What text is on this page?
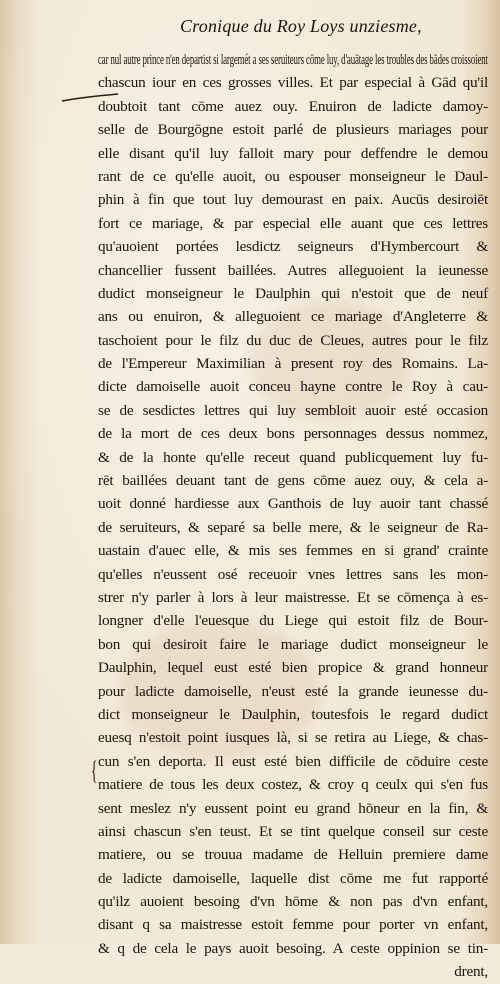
Cronique du Roy Loys unziesme,
car nul autre prince n'en departist si largemét a ses seruiteurs cōme luy, d'auātage les troubles des bādes croissoient
chascun iour en ces grosses villes. Et par especial à Gād qu'il
doubtoit tant cōme auez ouy. Enuiron de ladicte damoy-
selle de Bourgōgne estoit parlé de plusieurs mariages pour
elle disant qu'il luy falloit mary pour deffendre le demou
rant de ce qu'elle auoit, ou espouser monseigneur le Daul-
phin à fin que tout luy demourast en paix. Aucūs desiroiēt
fort ce mariage, & par especial elle auant que ces lettres
qu'auoient portées lesdictz seigneurs d'Hymbercourt &
chancellier fussent baillées. Autres alleguoient la ieunesse
dudict monseigneur le Daulphin qui n'estoit que de neuf
ans ou enuiron, & alleguoient ce mariage d'Angleterre &
taschoient pour le filz du duc de Cleues, autres pour le filz
de l'Empereur Maximilian à present roy des Romains. La-
dicte damoiselle auoit conceu hayne contre le Roy à cau-
se de sesdictes lettres qui luy sembloit auoir esté occasion
de la mort de ces deux bons personnages dessus nommez,
& de la honte qu'elle receut quand publicquement luy fu-
rēt baillées deuant tant de gens cōme auez ouy, & cela a-
uoit donné hardiesse aux Ganthois de luy auoir tant chassé
de seruiteurs, & separé sa belle mere, & le seigneur de Ra-
uastain d'auec elle, & mis ses femmes en si grand' crainte
qu'elles n'eussent osé receuoir vnes lettres sans les mon-
strer n'y parler à lors à leur maistresse. Et se cōmença à es-
longner d'elle l'euesque du Liege qui estoit filz de Bour-
bon qui desiroit faire le mariage dudict monseigneur le
Daulphin, lequel eust esté bien propice & grand honneur
pour ladicte damoiselle, n'eust esté la grande ieunesse du-
dict monseigneur le Daulphin, toutesfois le regard dudict
euesq n'estoit point iusques là, si se retira au Liege, & chas-
cun s'en deporta. Il eust esté bien difficile de cōduire ceste
matiere de tous les deux costez, & croy q ceulx qui s'en fus
sent meslez n'y eussent point eu grand hōneur en la fin, &
ainsi chascun s'en teust. Et se tint quelque conseil sur ceste
matiere, ou se trouua madame de Helluin premiere dame
de ladicte damoiselle, laquelle dist cōme me fut rapporté
qu'ilz auoient besoing d'vn hōme & non pas d'vn enfant,
disant q sa maistresse estoit femme pour porter vn enfant,
& q de cela le pays auoit besoing. A ceste oppinion se tin-
drent,
{
